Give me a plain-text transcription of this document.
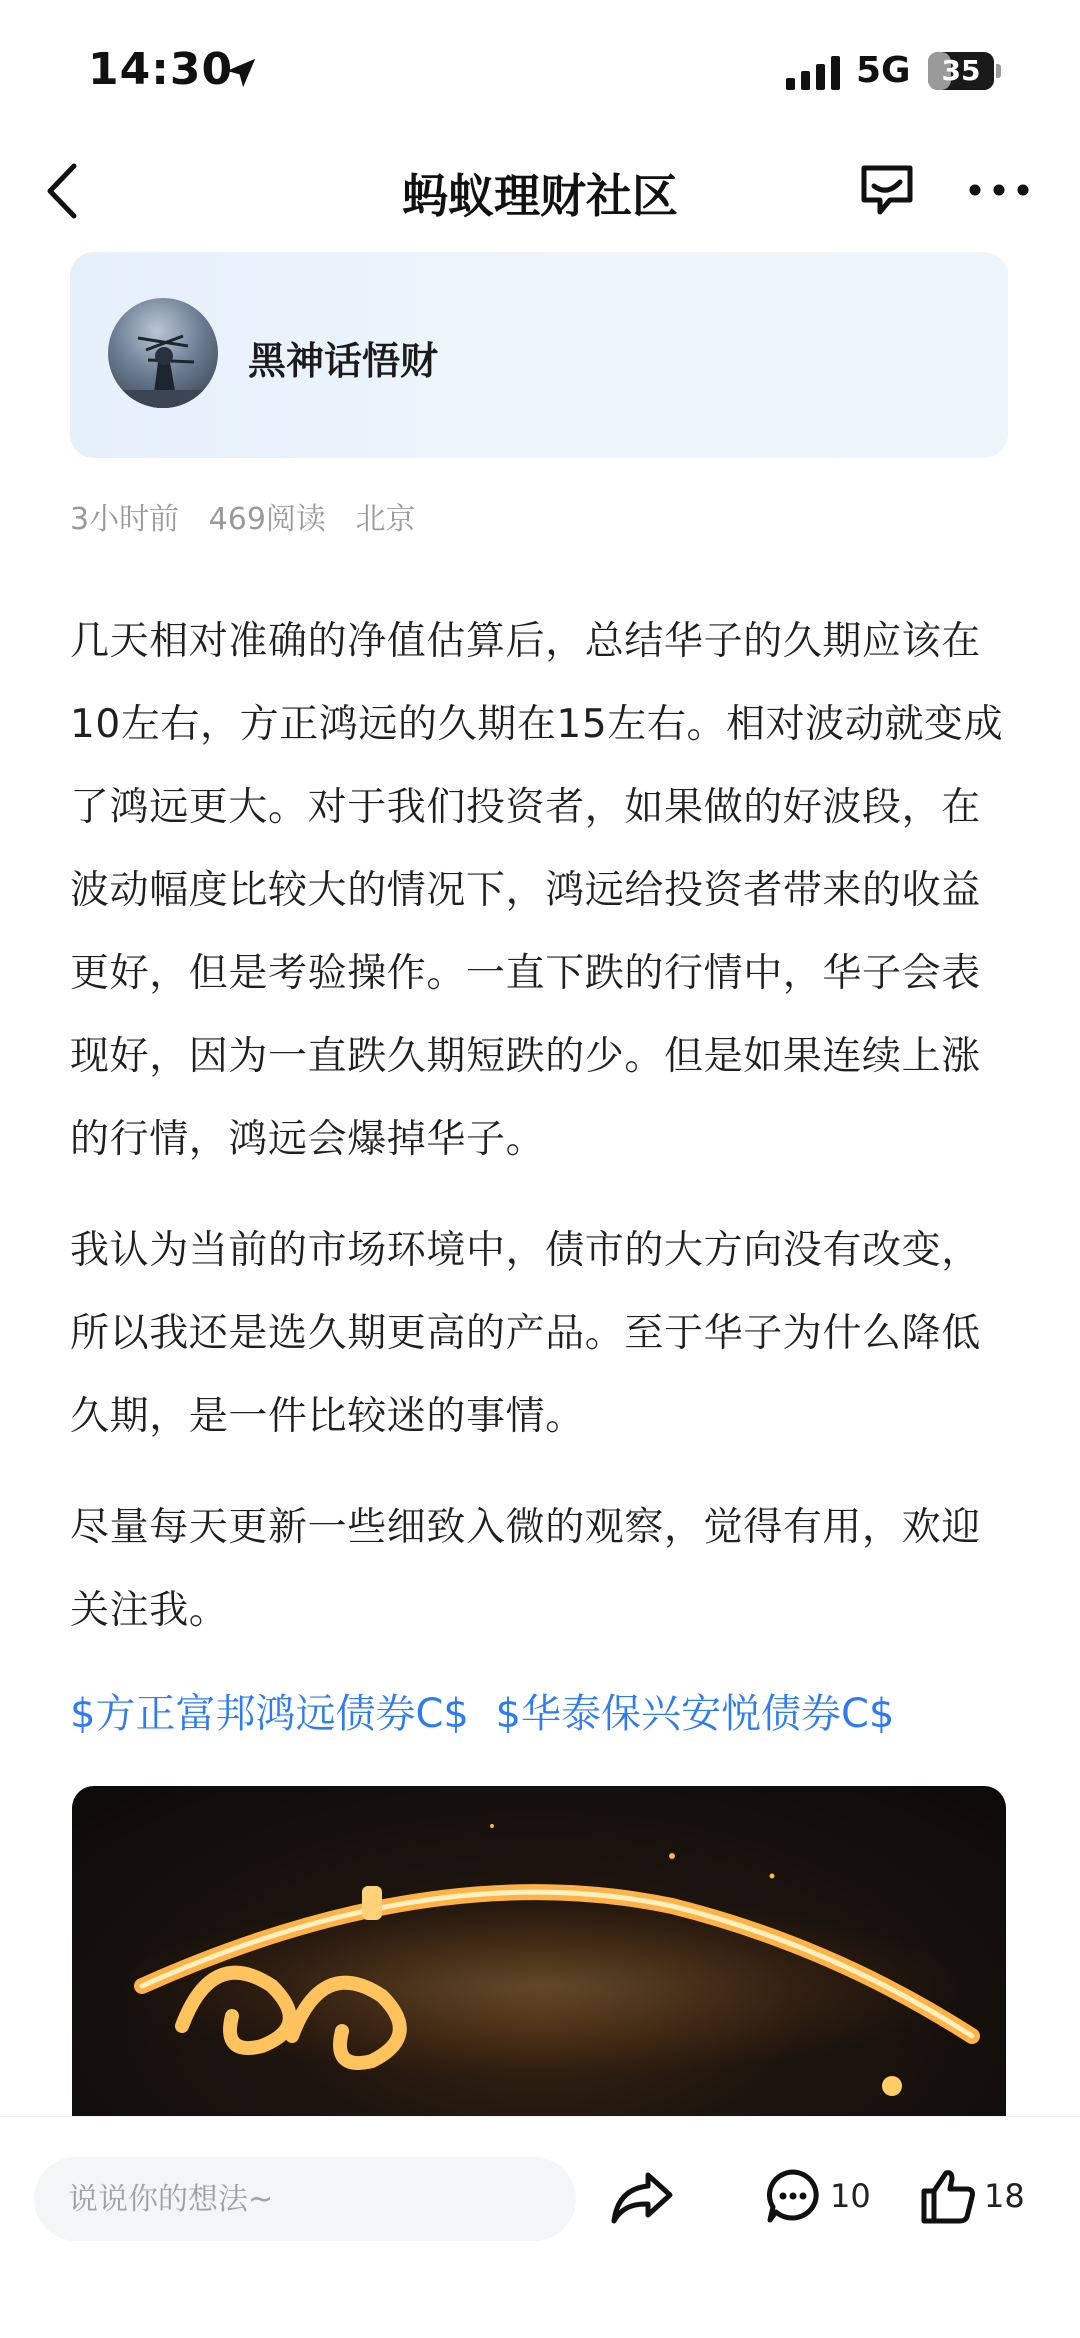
14:30	5G	35
蚂蚁理财社区
黑神话悟财
3小时前 469阅读 北京

几天相对准确的净值估算后，总结华子的久期应该在10左右，方正鸿远的久期在15左右。相对波动就变成了鸿远更大。对于我们投资者，如果做的好波段，在波动幅度比较大的情况下，鸿远给投资者带来的收益更好，但是考验操作。一直下跌的行情中，华子会表现好，因为一直跌久期短跌的少。但是如果连续上涨的行情，鸿远会爆掉华子。

我认为当前的市场环境中，债市的大方向没有改变，所以我还是选久期更高的产品。至于华子为什么降低久期，是一件比较迷的事情。

尽量每天更新一些细致入微的观察，觉得有用，欢迎关注我。

$方正富邦鸿远债券C$ $华泰保兴安悦债券C$
说说你的想法~
10	18
